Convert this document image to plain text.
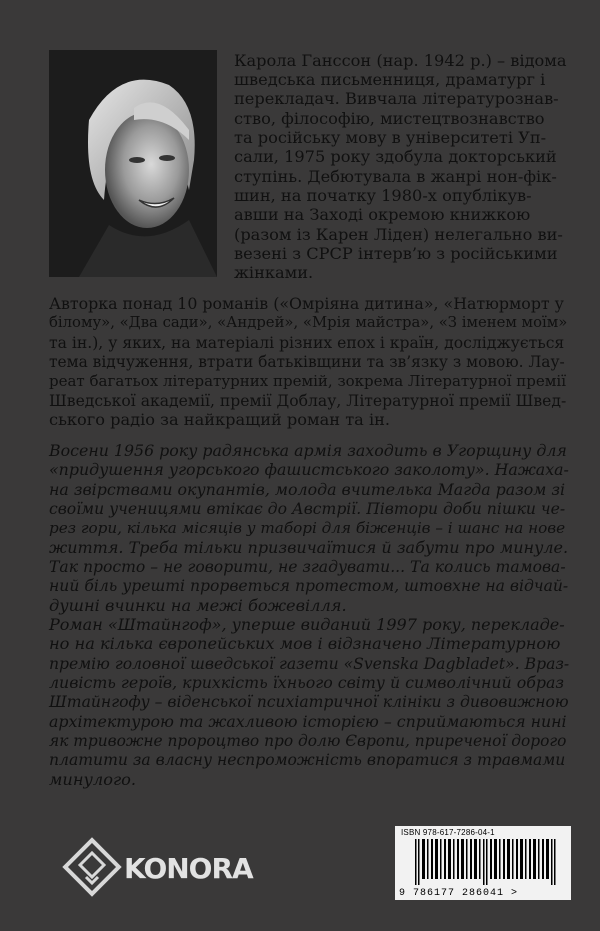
Карола Ганссон (нар. 1942 р.) – відома
шведська письменниця, драматург і
перекладач. Вивчала літературознав-
ство, філософію, мистецтвознавство
та російську мову в університеті Уп-
сали, 1975 року здобула докторський
ступінь. Дебютувала в жанрі нон-фік-
шин, на початку 1980-х опублікув-
авши на Заході окремою книжкою
(разом із Карен Ліден) нелегально ви-
везені з СРСР інтерв’ю з російськими
жінками.
Авторка понад 10 романів («Омріяна дитина», «Натюрморт у
білому», «Два сади», «Андрей», «Мрія майстра», «З іменем моїм»
та ін.), у яких, на матеріалі різних епох і країн, досліджується
тема відчуження, втрати батьківщини та зв’язку з мовою. Лау-
реат багатьох літературних премій, зокрема Літературної премії
Шведської академії, премії Доблау, Літературної премії Швед-
ського радіо за найкращий роман та ін.
Восени 1956 року радянська армія заходить в Угорщину для
«придушення угорського фашистського заколоту». Нажаха-
на звірствами окупантів, молода вчителька Магда разом зі
своїми ученицями втікає до Австрії. Півтори доби пішки че-
рез гори, кілька місяців у таборі для біженців – і шанс на нове
життя. Треба тільки призвичаїтися й забути про минуле.
Так просто – не говорити, не згадувати... Та колись тамова-
ний біль урешті прорветься протестом, штовхне на відчай-
душні вчинки на межі божевілля.
Роман «Штайнгоф», уперше виданий 1997 року, перекладе-
но на кілька європейських мов і відзначено Літературною
премію головної шведської газети «Svenska Dagbladet». Враз-
ливість героїв, крихкість їхнього світу й символічний образ
Штайнгофу – віденської психіатричної клініки з дивовижною
архітектурою та жахливою історією – сприймаються нині
як тривожне пророцтво про долю Європи, приреченої дорого
платити за власну неспроможність впоратися з травмами
минулого.
KONORA
ISBN 978-617-7286-04-1
9 786177 286041 >
